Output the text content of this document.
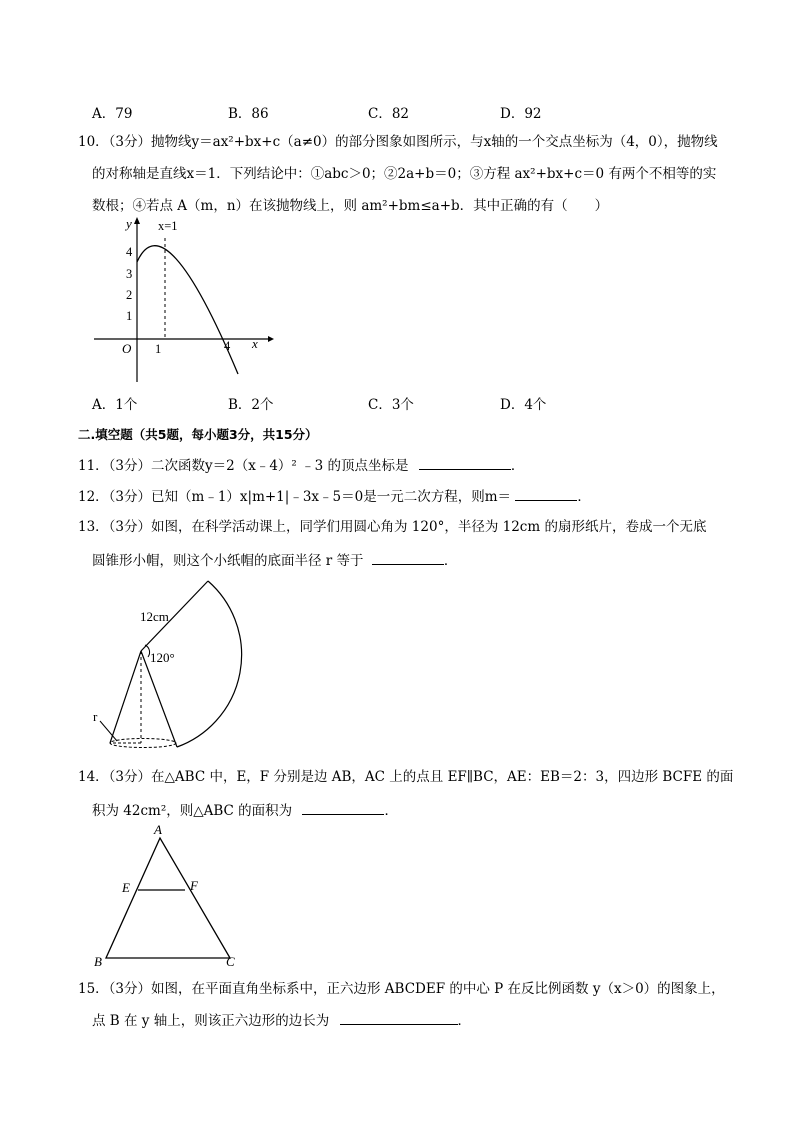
A．79	B．86	C．82	D．92
10．（3分）抛物线y＝ax²+bx+c（a≠0）的部分图象如图所示，与x轴的一个交点坐标为（4，0），抛物线
的对称轴是直线x＝1．下列结论中：①abc＞0；②2a+b＝0；③方程 ax²+bx+c＝0 有两个不相等的实
数根；④若点 A（m，n）在该抛物线上，则 am²+bm≤a+b．其中正确的有（　　）
y
x
x=1
4
3
2
1
O 1	4
A．1个	B．2个	C．3个	D．4个
二.填空题（共5题，每小题3分，共15分）
11．（3分）二次函数y＝2（x﹣4）² ﹣3 的顶点坐标是	．
12．（3分）已知（m﹣1）x|m+1|﹣3x﹣5＝0是一元二次方程，则m＝	．
13．（3分）如图，在科学活动课上，同学们用圆心角为 120°，半径为 12cm 的扇形纸片，卷成一个无底
圆锥形小帽，则这个小纸帽的底面半径 r 等于	．
12cm
120°
r
14．（3分）在△ABC 中，E，F 分别是边 AB，AC 上的点且 EF∥BC，AE：EB＝2：3，四边形 BCFE 的面
积为 42cm²，则△ABC 的面积为	．
A
E	F
B	C
15．（3分）如图，在平面直角坐标系中，正六边形 ABCDEF 的中心 P 在反比例函数 y（x＞0）的图象上，
点 B 在 y 轴上，则该正六边形的边长为	．
